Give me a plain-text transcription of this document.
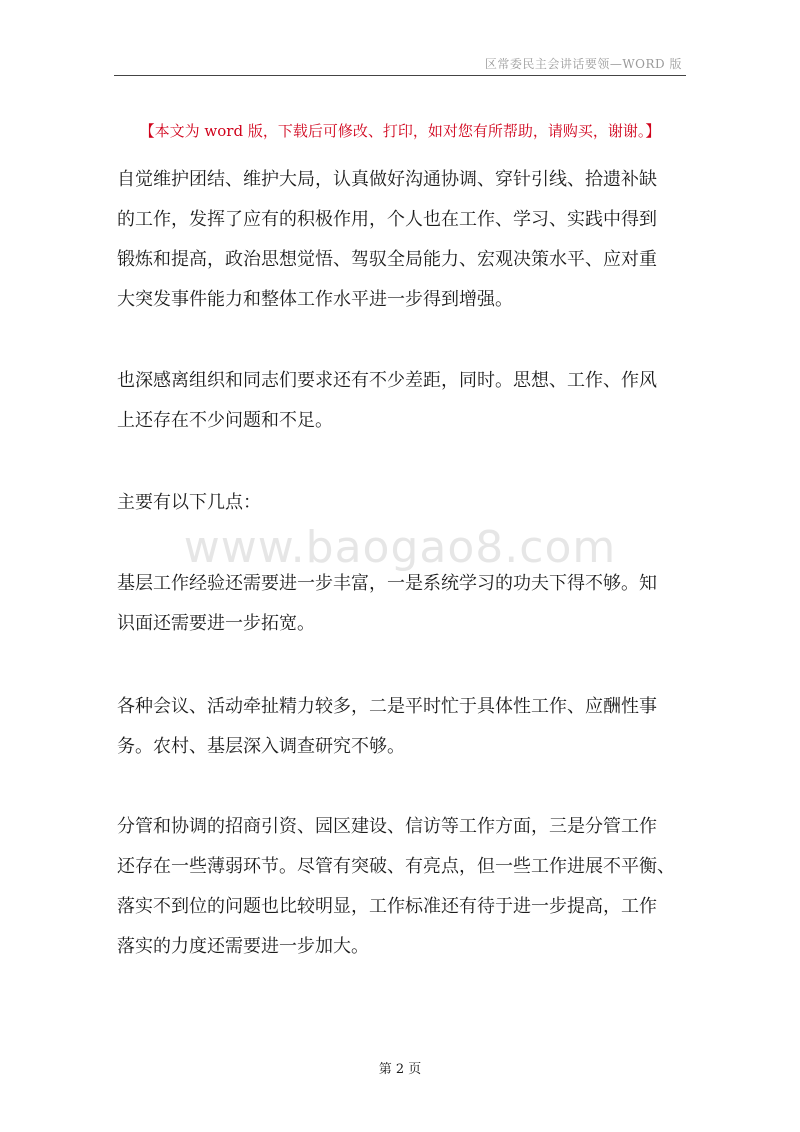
区常委民主会讲话要领—WORD 版
【本文为 word 版，下载后可修改、打印，如对您有所帮助，请购买，谢谢。】
www.baogao8.com

自觉维护团结、维护大局，认真做好沟通协调、穿针引线、拾遗补缺
的工作，发挥了应有的积极作用，个人也在工作、学习、实践中得到
锻炼和提高，政治思想觉悟、驾驭全局能力、宏观决策水平、应对重
大突发事件能力和整体工作水平进一步得到增强。

也深感离组织和同志们要求还有不少差距，同时。思想、工作、作风
上还存在不少问题和不足。

主要有以下几点：

基层工作经验还需要进一步丰富，一是系统学习的功夫下得不够。知
识面还需要进一步拓宽。

各种会议、活动牵扯精力较多，二是平时忙于具体性工作、应酬性事
务。农村、基层深入调查研究不够。

分管和协调的招商引资、园区建设、信访等工作方面，三是分管工作
还存在一些薄弱环节。尽管有突破、有亮点，但一些工作进展不平衡、
落实不到位的问题也比较明显，工作标准还有待于进一步提高，工作
落实的力度还需要进一步加大。

第 2 页
